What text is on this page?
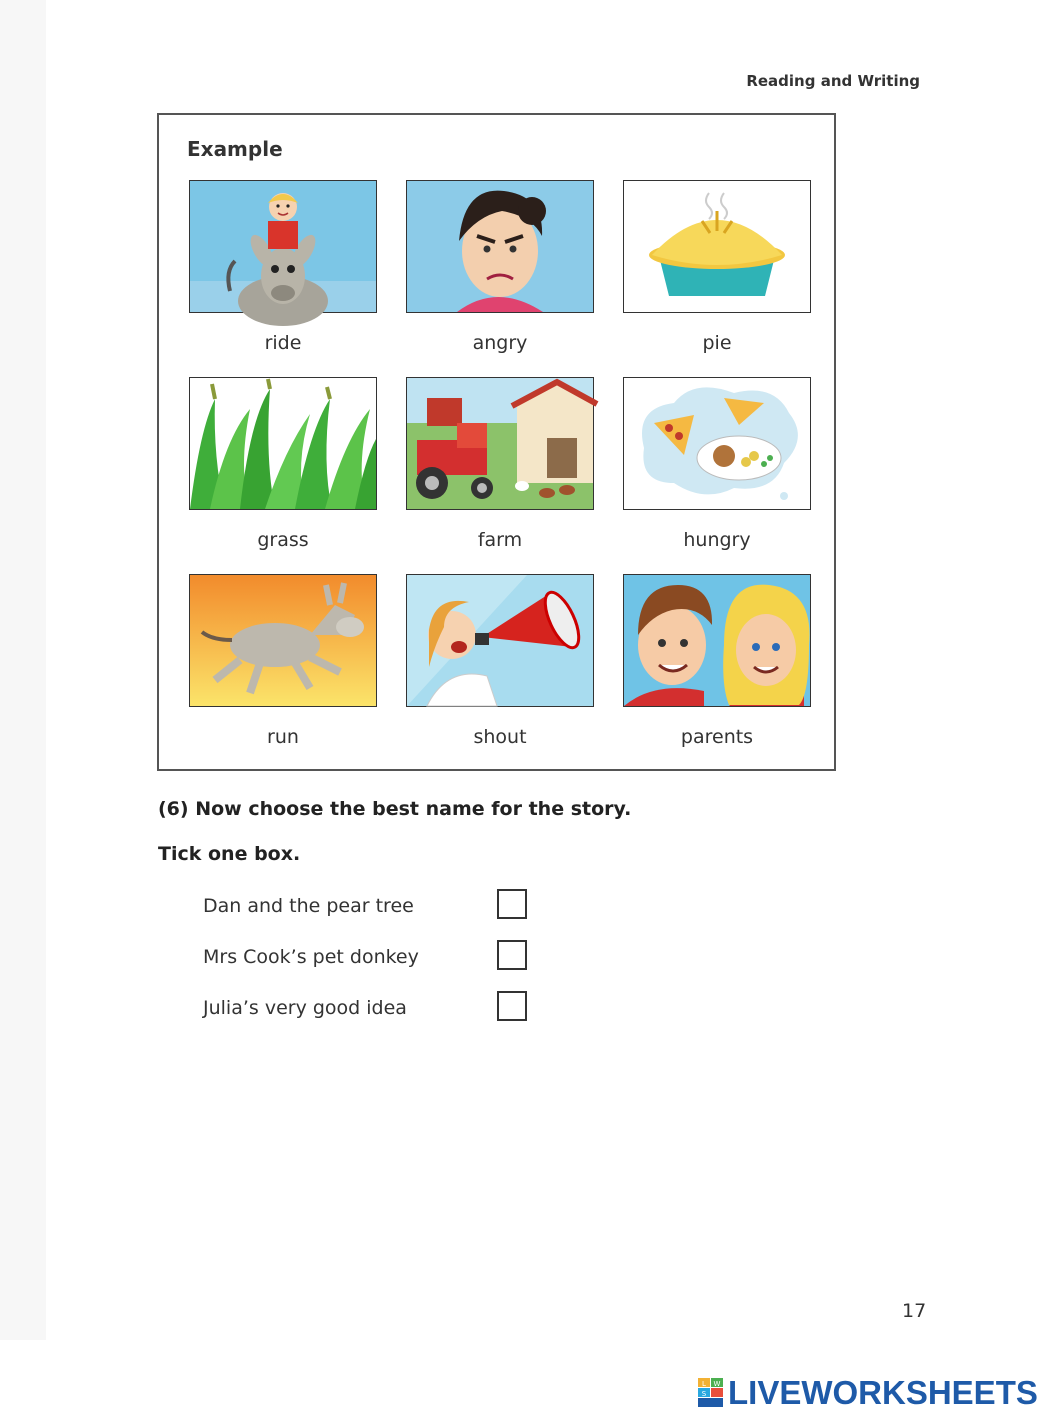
Reading and Writing
Example
ride	angry	pie
grass	farm	hungry
run	shout	parents
(6) Now choose the best name for the story.
Tick one box.
Dan and the pear tree
Mrs Cook’s pet donkey
Julia’s very good idea
17
L W
S LIVEWORKSHEETS
